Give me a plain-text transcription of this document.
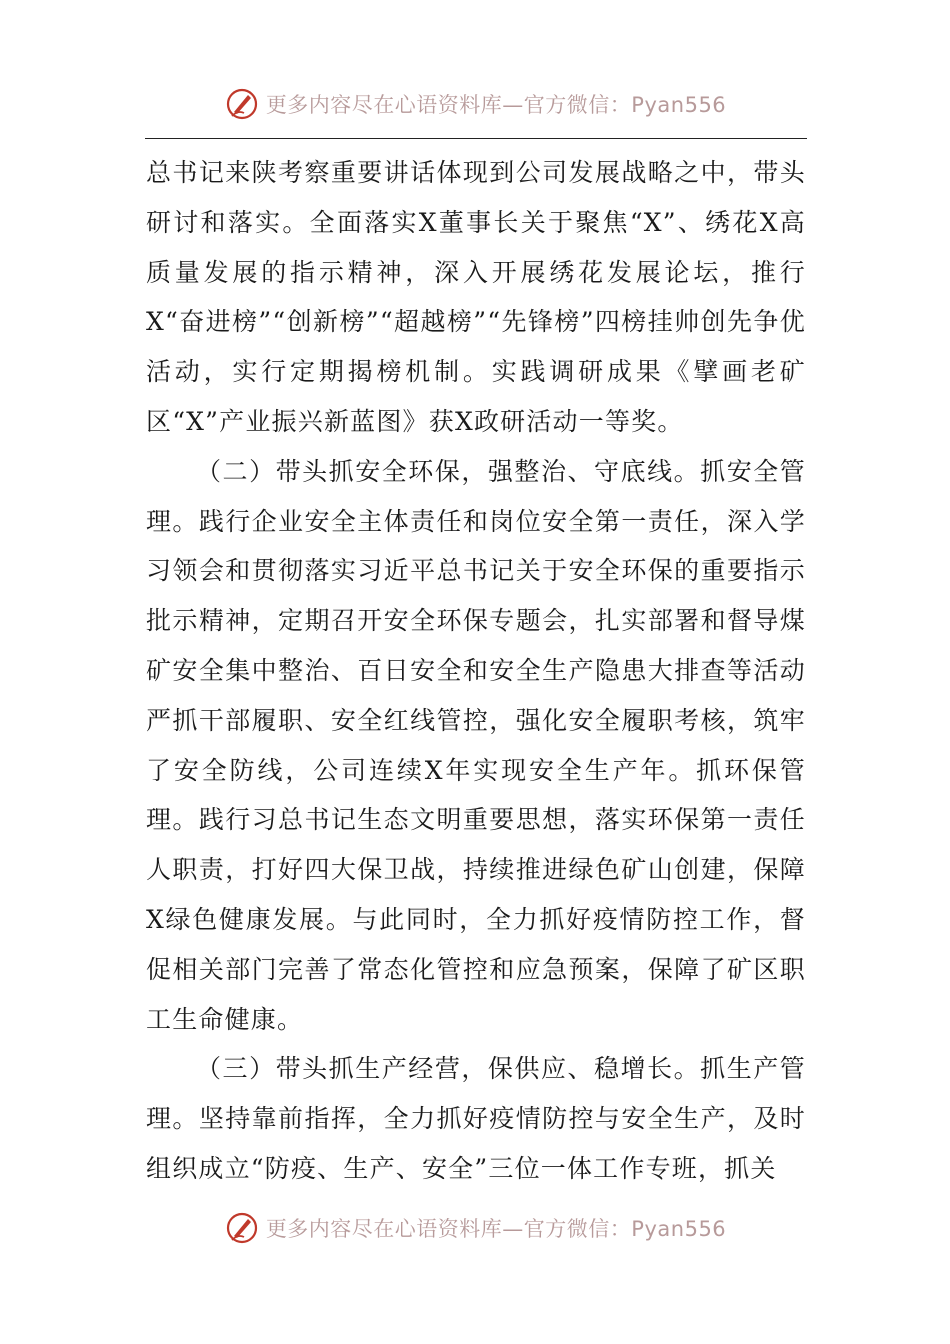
更多内容尽在心语资料库—官方微信：Pyan556

总书记来陕考察重要讲话体现到公司发展战略之中，带头研讨和落实。全面落实X董事长关于聚焦“X”、绣花X高质量发展的指示精神，深入开展绣花发展论坛，推行X“奋进榜”“创新榜”“超越榜”“先锋榜”四榜挂帅创先争优活动，实行定期揭榜机制。实践调研成果《擘画老矿区“X”产业振兴新蓝图》获X政研活动一等奖。

（二）带头抓安全环保，强整治、守底线。抓安全管理。践行企业安全主体责任和岗位安全第一责任，深入学习领会和贯彻落实习近平总书记关于安全环保的重要指示批示精神，定期召开安全环保专题会，扎实部署和督导煤矿安全集中整治、百日安全和安全生产隐患大排查等活动严抓干部履职、安全红线管控，强化安全履职考核，筑牢了安全防线，公司连续X年实现安全生产年。抓环保管理。践行习总书记生态文明重要思想，落实环保第一责任人职责，打好四大保卫战，持续推进绿色矿山创建，保障X绿色健康发展。与此同时，全力抓好疫情防控工作，督促相关部门完善了常态化管控和应急预案，保障了矿区职工生命健康。

（三）带头抓生产经营，保供应、稳增长。抓生产管理。坚持靠前指挥，全力抓好疫情防控与安全生产，及时组织成立“防疫、生产、安全”三位一体工作专班，抓关

更多内容尽在心语资料库—官方微信：Pyan556
